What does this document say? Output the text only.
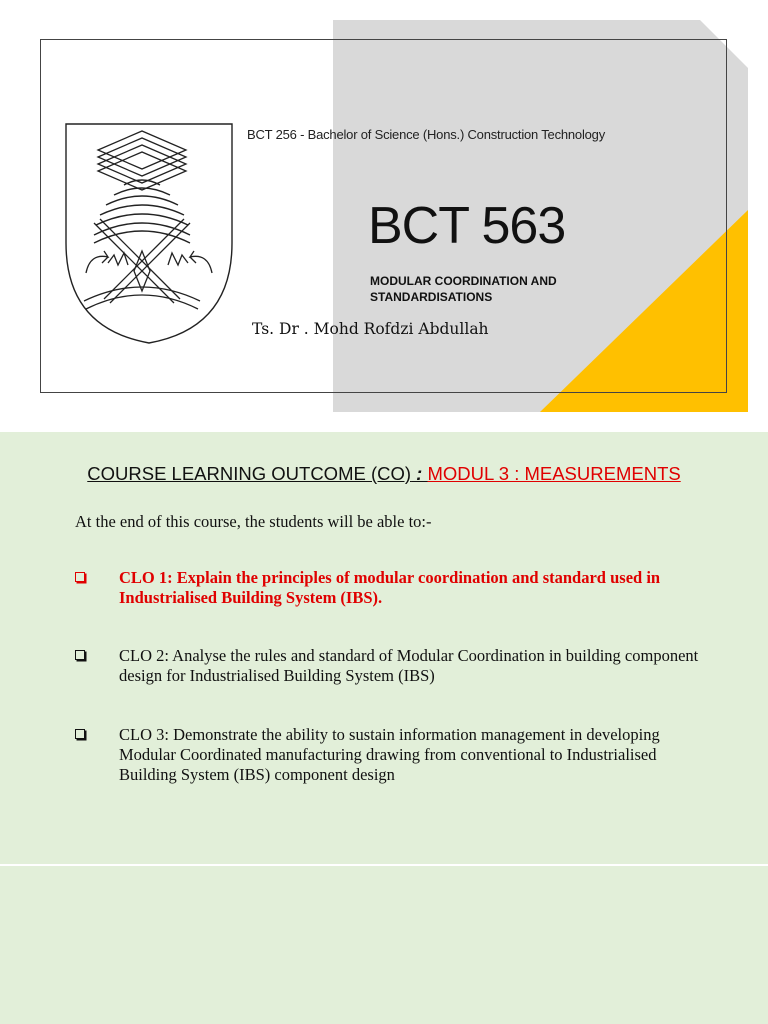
BCT 256 - Bachelor of Science (Hons.) Construction Technology
BCT 563
MODULAR COORDINATION AND STANDARDISATIONS
Ts. Dr . Mohd Rofdzi Abdullah
COURSE LEARNING OUTCOME (CO) : MODUL 3 : MEASUREMENTS
At the end of this course, the students will be able to:-
CLO 1: Explain the principles of modular coordination and standard used in Industrialised Building System (IBS).
CLO 2: Analyse the rules and standard of Modular Coordination in building component design for Industrialised Building System (IBS)
CLO 3: Demonstrate the ability to sustain information management in developing Modular Coordinated manufacturing drawing from conventional to Industrialised Building System (IBS) component design
